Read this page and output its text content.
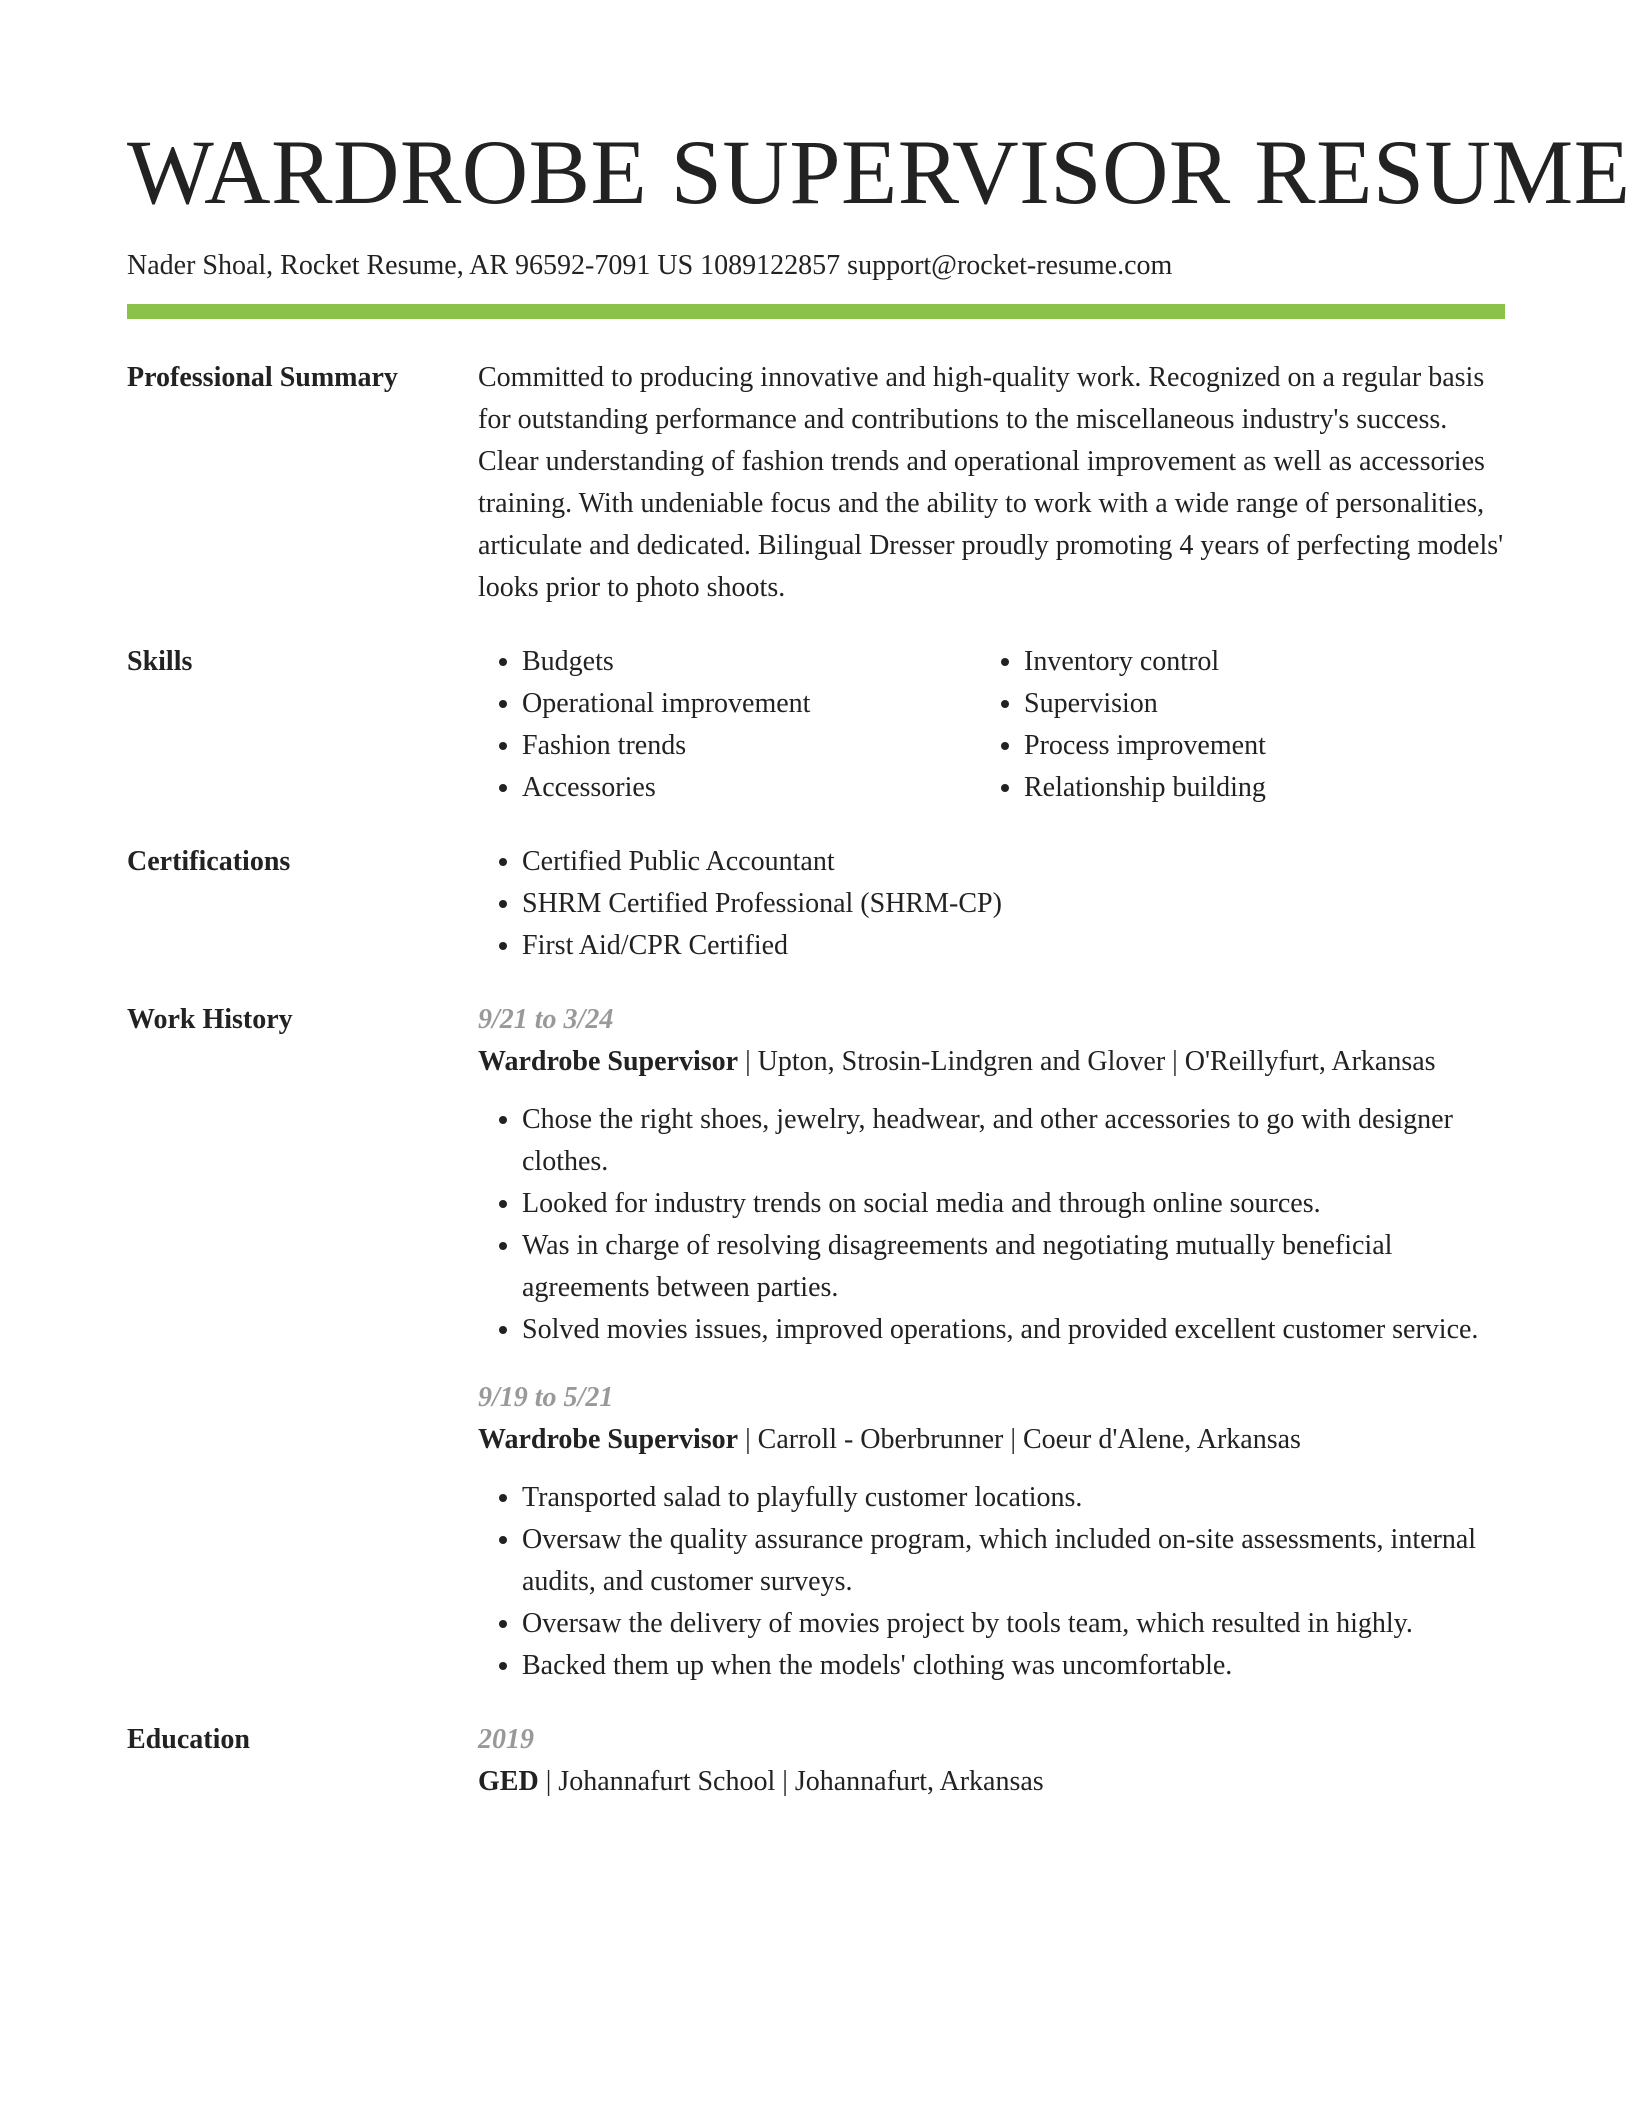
WARDROBE SUPERVISOR RESUME
Nader Shoal, Rocket Resume, AR 96592-7091 US 1089122857 support@rocket-resume.com
Professional Summary	Committed to producing innovative and high-quality work. Recognized on a regular basis for outstanding performance and contributions to the miscellaneous industry's success. Clear understanding of fashion trends and operational improvement as well as accessories training. With undeniable focus and the ability to work with a wide range of personalities, articulate and dedicated. Bilingual Dresser proudly promoting 4 years of perfecting models' looks prior to photo shoots.

Skills	• Budgets
• Operational improvement
• Fashion trends
• Accessories
• Inventory control
• Supervision
• Process improvement
• Relationship building
Certifications	• Certified Public Accountant
• SHRM Certified Professional (SHRM-CP)
• First Aid/CPR Certified
Work History	9/21 to 3/24
Wardrobe Supervisor | Upton, Strosin-Lindgren and Glover | O'Reillyfurt, Arkansas
• Chose the right shoes, jewelry, headwear, and other accessories to go with designer clothes.
• Looked for industry trends on social media and through online sources.
• Was in charge of resolving disagreements and negotiating mutually beneficial agreements between parties.
• Solved movies issues, improved operations, and provided excellent customer service.
9/19 to 5/21
Wardrobe Supervisor | Carroll - Oberbrunner | Coeur d'Alene, Arkansas
• Transported salad to playfully customer locations.
• Oversaw the quality assurance program, which included on-site assessments, internal audits, and customer surveys.
• Oversaw the delivery of movies project by tools team, which resulted in highly.
• Backed them up when the models' clothing was uncomfortable.
Education	2019
GED | Johannafurt School | Johannafurt, Arkansas
